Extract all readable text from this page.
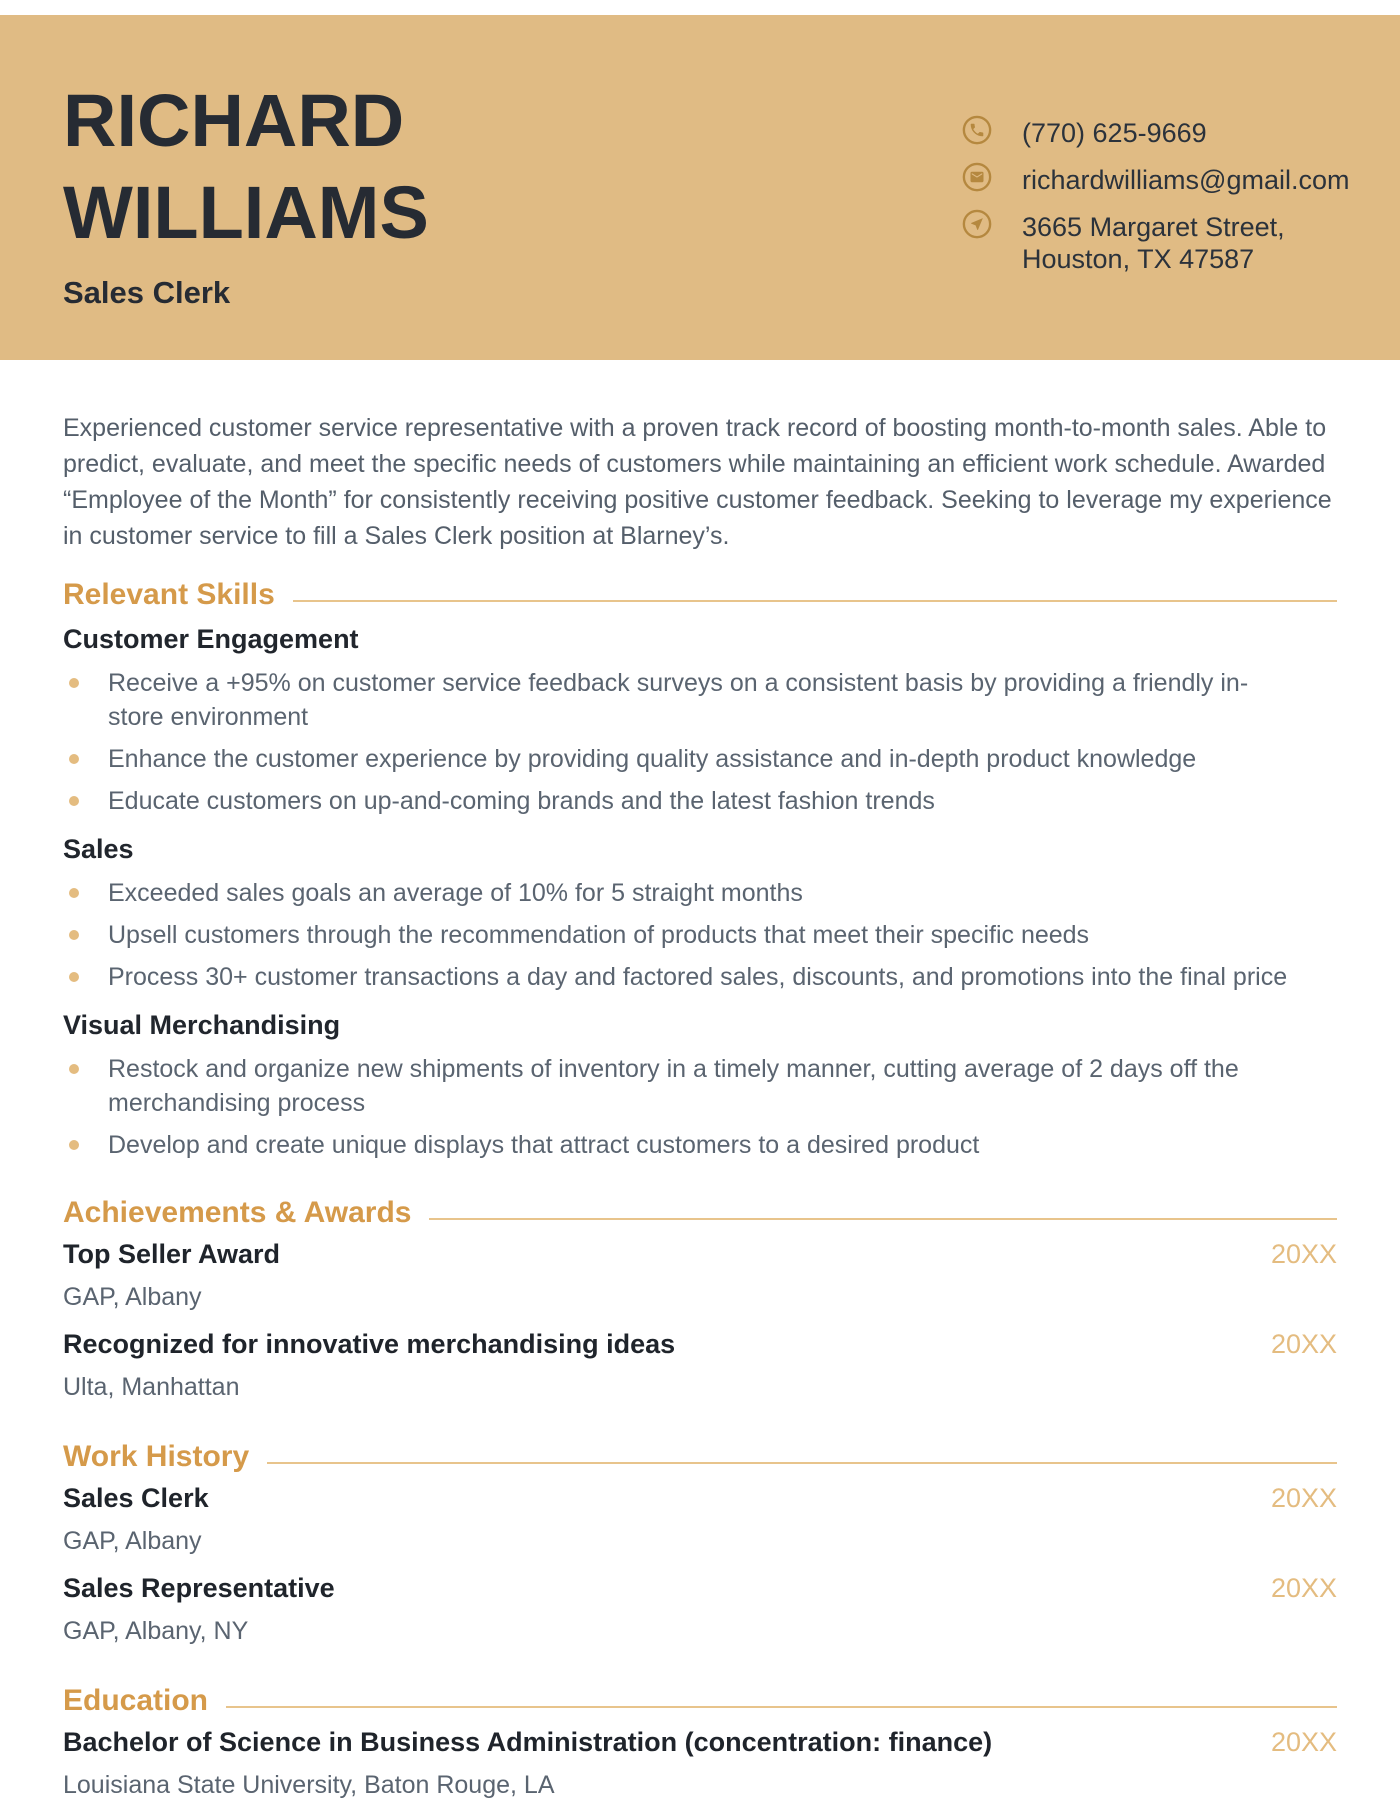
RICHARD WILLIAMS
Sales Clerk
(770) 625-9669
richardwilliams@gmail.com
3665 Margaret Street,
Houston, TX 47587

Experienced customer service representative with a proven track record of boosting month-to-month sales. Able to predict, evaluate, and meet the specific needs of customers while maintaining an efficient work schedule. Awarded “Employee of the Month” for consistently receiving positive customer feedback. Seeking to leverage my experience in customer service to fill a Sales Clerk position at Blarney’s.

Relevant Skills
Customer Engagement
Receive a +95% on customer service feedback surveys on a consistent basis by providing a friendly in-store environment
Enhance the customer experience by providing quality assistance and in-depth product knowledge
Educate customers on up-and-coming brands and the latest fashion trends
Sales
Exceeded sales goals an average of 10% for 5 straight months
Upsell customers through the recommendation of products that meet their specific needs
Process 30+ customer transactions a day and factored sales, discounts, and promotions into the final price
Visual Merchandising
Restock and organize new shipments of inventory in a timely manner, cutting average of 2 days off the merchandising process
Develop and create unique displays that attract customers to a desired product
Achievements & Awards
Top Seller Award	20XX
GAP, Albany
Recognized for innovative merchandising ideas	20XX
Ulta, Manhattan
Work History
Sales Clerk	20XX
GAP, Albany
Sales Representative	20XX
GAP, Albany, NY
Education
Bachelor of Science in Business Administration (concentration: finance)	20XX
Louisiana State University, Baton Rouge, LA
